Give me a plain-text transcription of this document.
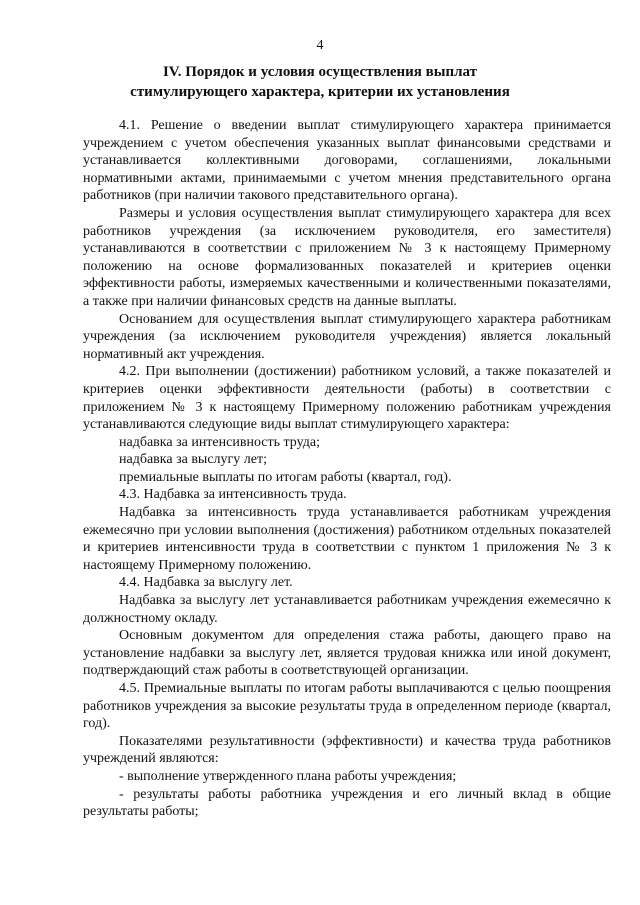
4
IV. Порядок и условия осуществления выплат
стимулирующего характера, критерии их установления

4.1. Решение о введении выплат стимулирующего характера принимается учреждением с учетом обеспечения указанных выплат финансовыми средствами и устанавливается коллективными договорами, соглашениями, локальными нормативными актами, принимаемыми с учетом мнения представительного органа работников (при наличии такового представительного органа).

Размеры и условия осуществления выплат стимулирующего характера для всех работников учреждения (за исключением руководителя, его заместителя) устанавливаются в соответствии с приложением № 3 к настоящему Примерному положению на основе формализованных показателей и критериев оценки эффективности работы, измеряемых качественными и количественными показателями, а также при наличии финансовых средств на данные выплаты.

Основанием для осуществления выплат стимулирующего характера работникам учреждения (за исключением руководителя учреждения) является локальный нормативный акт учреждения.

4.2. При выполнении (достижении) работником условий, а также показателей и критериев оценки эффективности деятельности (работы) в соответствии с приложением № 3 к настоящему Примерному положению работникам учреждения устанавливаются следующие виды выплат стимулирующего характера:

надбавка за интенсивность труда;

надбавка за выслугу лет;

премиальные выплаты по итогам работы (квартал, год).

4.3. Надбавка за интенсивность труда.

Надбавка за интенсивность труда устанавливается работникам учреждения ежемесячно при условии выполнения (достижения) работником отдельных показателей и критериев интенсивности труда в соответствии с пунктом 1 приложения № 3 к настоящему Примерному положению.

4.4. Надбавка за выслугу лет.

Надбавка за выслугу лет устанавливается работникам учреждения ежемесячно к должностному окладу.

Основным документом для определения стажа работы, дающего право на установление надбавки за выслугу лет, является трудовая книжка или иной документ, подтверждающий стаж работы в соответствующей организации.

4.5. Премиальные выплаты по итогам работы выплачиваются с целью поощрения работников учреждения за высокие результаты труда в определенном периоде (квартал, год).

Показателями результативности (эффективности) и качества труда работников учреждений являются:

- выполнение утвержденного плана работы учреждения;

- результаты работы работника учреждения и его личный вклад в общие результаты работы;
